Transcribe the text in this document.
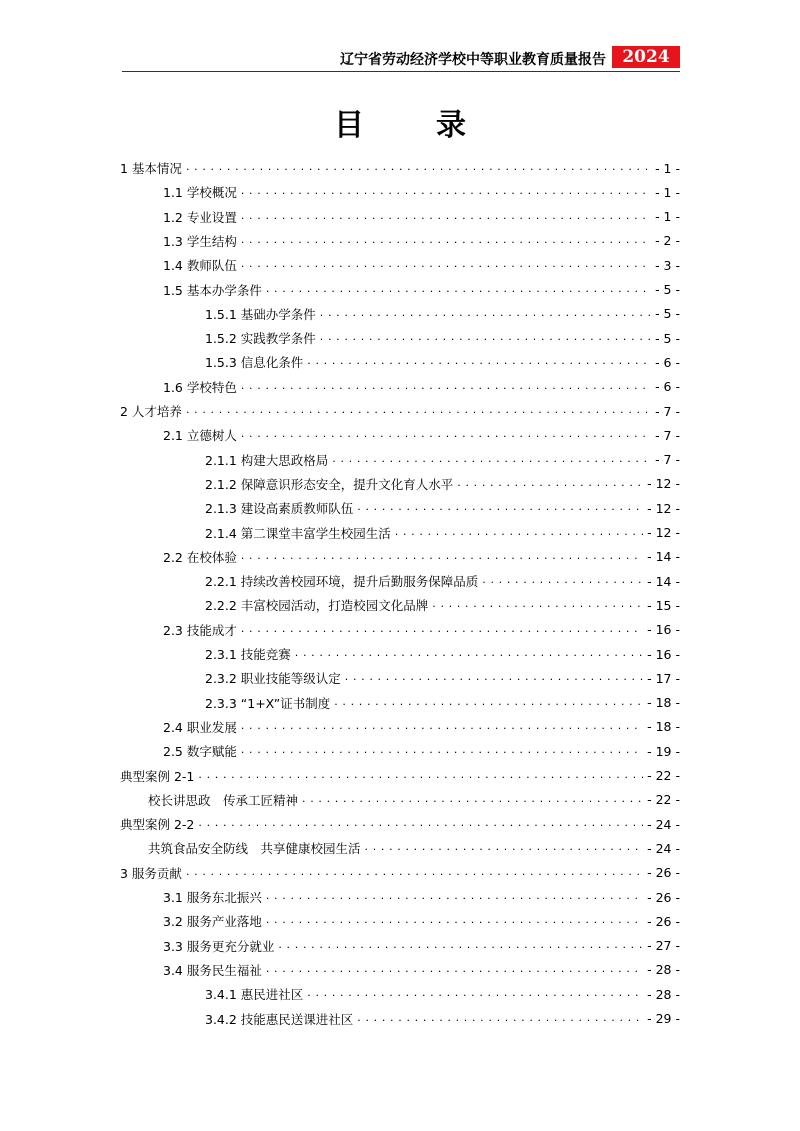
辽宁省劳动经济学校中等职业教育质量报告 2024
目录
1 基本情况 . . .	- 1 -
1.1 学校概况 . . .	- 1 -
1.2 专业设置 . . .	- 1 -
1.3 学生结构 . . .	- 2 -
1.4 教师队伍 . . .	- 3 -
1.5 基本办学条件 . . .	- 5 -
1.5.1 基础办学条件 . . .	- 5 -
1.5.2 实践教学条件 . . .	- 5 -
1.5.3 信息化条件 . . .	- 6 -
1.6 学校特色 . . .	- 6 -
2 人才培养 . . .	- 7 -
2.1 立德树人 . . .	- 7 -
2.1.1 构建大思政格局 . . .	- 7 -
2.1.2 保障意识形态安全，提升文化育人水平 . . .	- 12 -
2.1.3 建设高素质教师队伍 . . .	- 12 -
2.1.4 第二课堂丰富学生校园生活 . . .	- 12 -
2.2 在校体验 . . .	- 14 -
2.2.1 持续改善校园环境，提升后勤服务保障品质 . . .	- 14 -
2.2.2 丰富校园活动，打造校园文化品牌 . . .	- 15 -
2.3 技能成才 . . .	- 16 -
2.3.1 技能竞赛 . . .	- 16 -
2.3.2 职业技能等级认定 . . .	- 17 -
2.3.3 “1+X”证书制度 . . .	- 18 -
2.4 职业发展 . . .	- 18 -
2.5 数字赋能 . . .	- 19 -
典型案例 2-1 . . .	- 22 -
校长讲思政　传承工匠精神 . . .	- 22 -
典型案例 2-2 . . .	- 24 -
共筑食品安全防线　共享健康校园生活 . . .	- 24 -
3 服务贡献 . . .	- 26 -
3.1 服务东北振兴 . . .	- 26 -
3.2 服务产业落地 . . .	- 26 -
3.3 服务更充分就业 . . .	- 27 -
3.4 服务民生福祉 . . .	- 28 -
3.4.1 惠民进社区 . . .	- 28 -
3.4.2 技能惠民送课进社区 . . .	- 29 -
